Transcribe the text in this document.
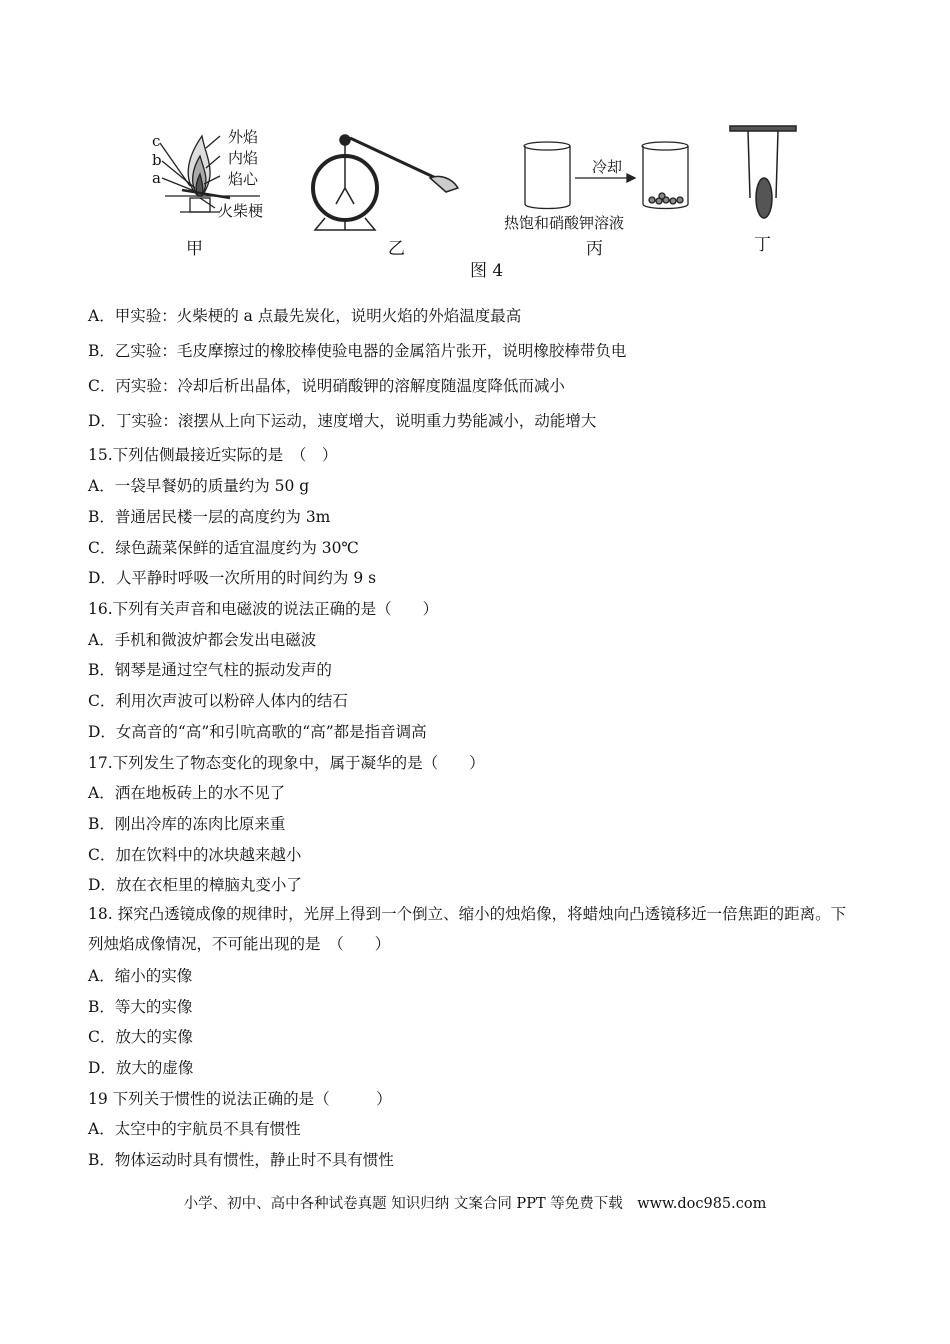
c
b
a
外焰
内焰
焰心
火柴梗
冷却
热饱和硝酸钾溶液
甲	乙	丙	丁
图 4
A．甲实验：火柴梗的 a 点最先炭化，说明火焰的外焰温度最高
B．乙实验：毛皮摩擦过的橡胶棒使验电器的金属箔片张开，说明橡胶棒带负电
C．丙实验：冷却后析出晶体，说明硝酸钾的溶解度随温度降低而减小
D．丁实验：滚摆从上向下运动，速度增大，说明重力势能减小，动能增大
15.下列估侧最接近实际的是　（　）
A．一袋早餐奶的质量约为 50 g
B．普通居民楼一层的高度约为 3m
C．绿色蔬菜保鲜的适宜温度约为 30℃
D．人平静时呼吸一次所用的时间约为 9 s
16.下列有关声音和电磁波的说法正确的是（　　）
A．手机和微波炉都会发出电磁波
B．钢琴是通过空气柱的振动发声的
C．利用次声波可以粉碎人体内的结石
D．女高音的“高”和引吭高歌的“高”都是指音调高
17.下列发生了物态变化的现象中，属于凝华的是（　　）
A．洒在地板砖上的水不见了
B．刚出冷库的冻肉比原来重
C．加在饮料中的冰块越来越小
D．放在衣柜里的樟脑丸变小了
18. 探究凸透镜成像的规律时，光屏上得到一个倒立、缩小的烛焰像，将蜡烛向凸透镜移近一倍焦距的距离。下列烛焰成像情况，不可能出现的是　（　　）
A．缩小的实像
B．等大的实像
C．放大的实像
D．放大的虚像
19 下列关于惯性的说法正确的是（　　　）
A．太空中的宇航员不具有惯性
B．物体运动时具有惯性，静止时不具有惯性
小学、初中、高中各种试卷真题 知识归纳 文案合同 PPT 等免费下载　www.doc985.com
